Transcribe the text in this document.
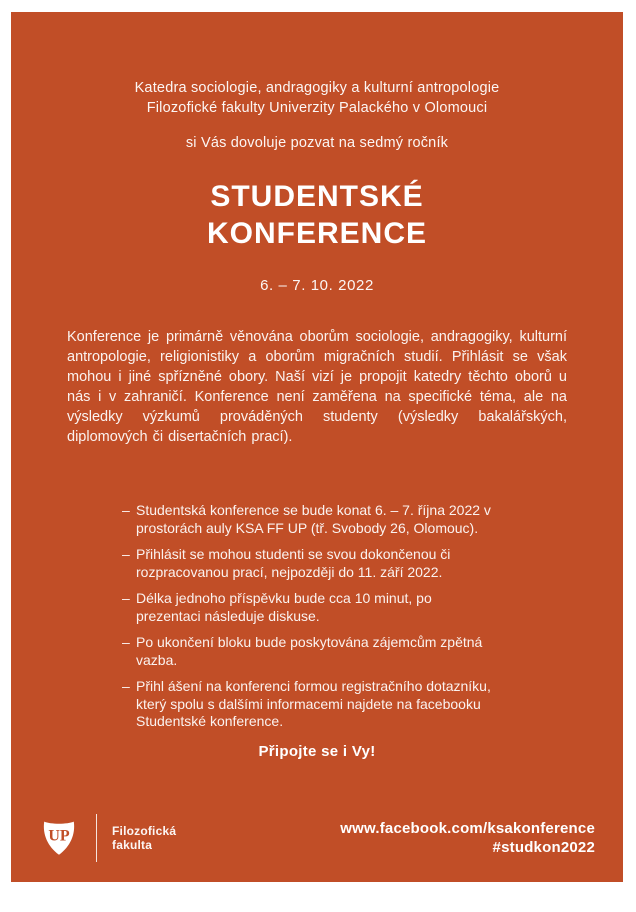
Katedra sociologie, andragogiky a kulturní antropologie
Filozofické fakulty Univerzity Palackého v Olomouci
si Vás dovoluje pozvat na sedmý ročník
STUDENTSKÉ
KONFERENCE
6. – 7. 10. 2022
Konference je primárně věnována oborům sociologie, andragogiky, kulturní antropologie, religionistiky a oborům migračních studií. Přihlásit se však mohou i jiné spřízněné obory. Naší vizí je propojit katedry těchto oborů u nás i v zahraničí. Konference není zaměřena na specifické téma, ale na výsledky výzkumů prováděných studenty (výsledky bakalářských, diplomových či disertačních prací).
– Studentská konference se bude konat 6. – 7. října 2022 v prostorách auly KSA FF UP (tř. Svobody 26, Olomouc).
– Přihlásit se mohou studenti se svou dokončenou či rozpracovanou prací, nejpozději do 11. září 2022.
– Délka jednoho příspěvku bude cca 10 minut, po prezentaci následuje diskuse.
– Po ukončení bloku bude poskytována zájemcům zpětná vazba.
– Přihl ášení na konferenci formou registračního dotazníku, který spolu s dalšími informacemi najdete na facebooku Studentské konference.
Připojte se i Vy!
UP	Filozofická
fakulta
www.facebook.com/ksakonference
#studkon2022
